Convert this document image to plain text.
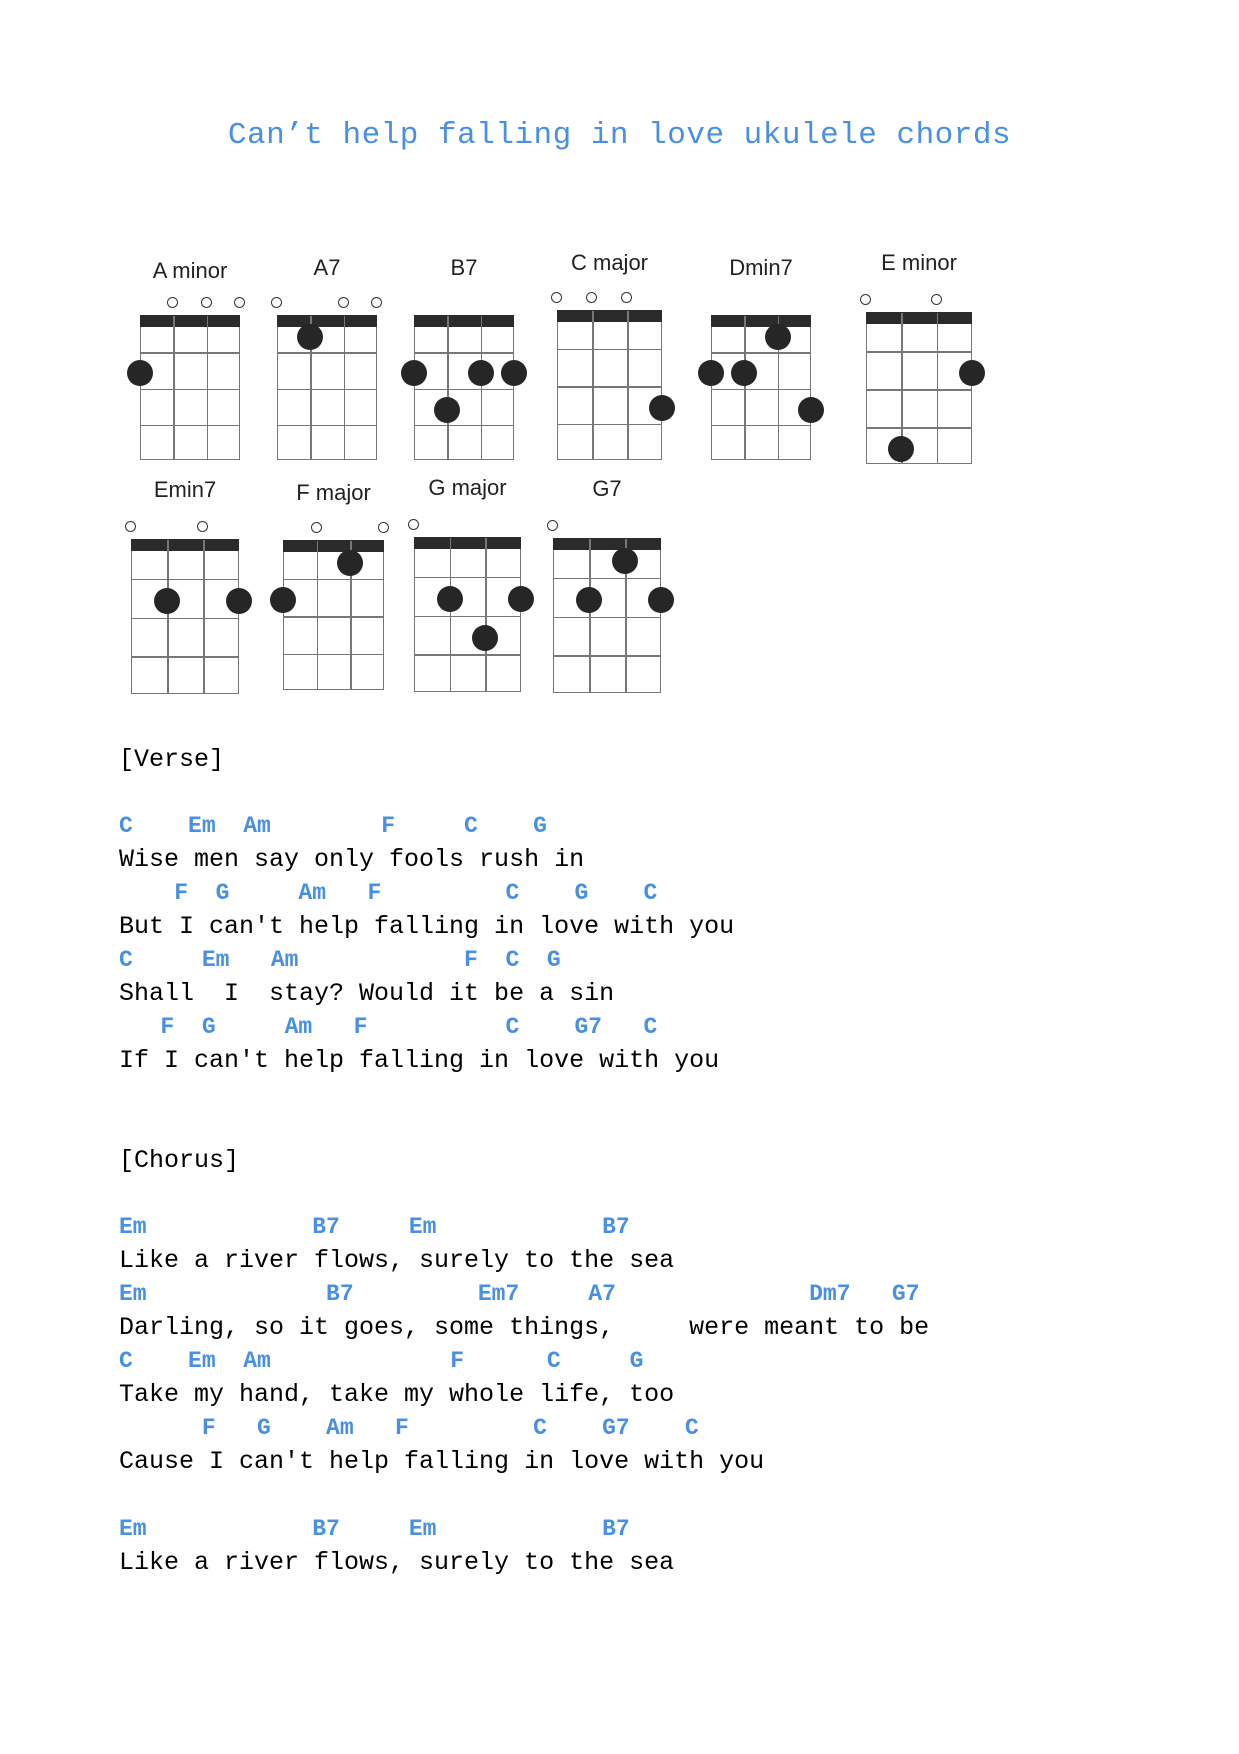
Can’t help falling in love ukulele chords
A minor	A7	B7	C major	Dmin7	E minor
Emin7	F major	G major	G7
[Verse]
C    Em  Am        F     C    G
Wise men say only fools rush in
F  G     Am   F         C    G    C
But I can't help falling in love with you
C     Em   Am            F  C  G
Shall  I  stay? Would it be a sin
F  G     Am   F          C    G7   C
If I can't help falling in love with you
[Chorus]
Em            B7     Em            B7
Like a river flows, surely to the sea
Em             B7         Em7     A7              Dm7   G7
Darling, so it goes, some things,     were meant to be
C    Em  Am             F      C     G
Take my hand, take my whole life, too
F   G    Am   F         C    G7    C
Cause I can't help falling in love with you
Em            B7     Em            B7
Like a river flows, surely to the sea
